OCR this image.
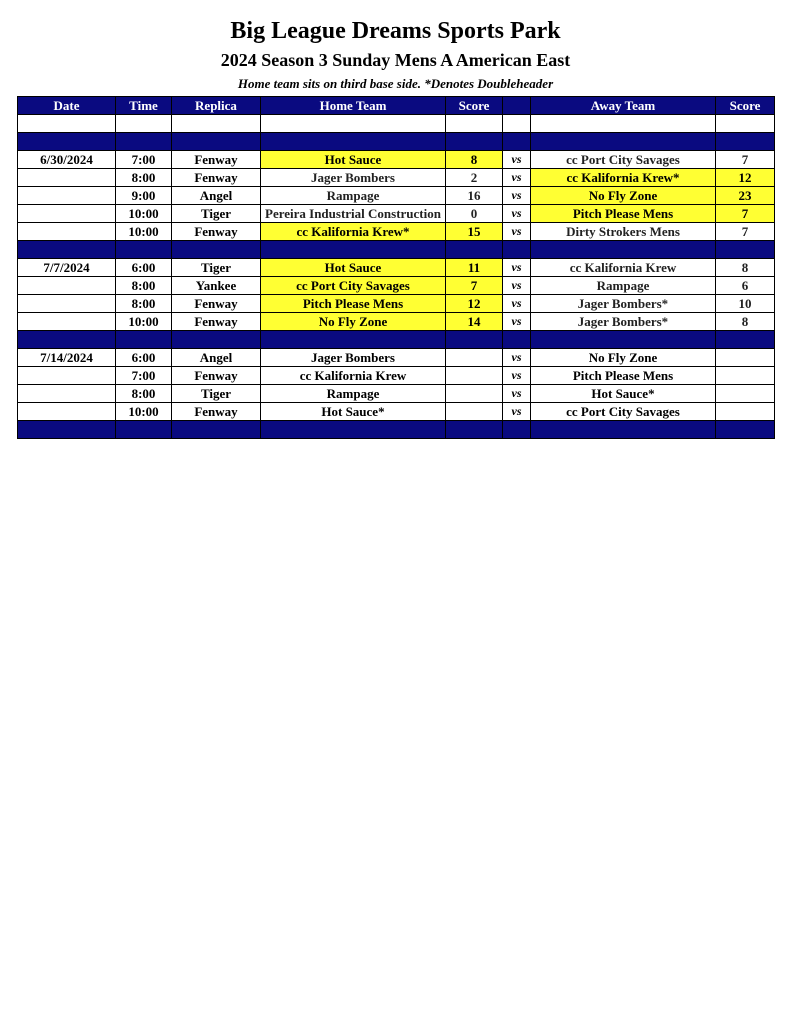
Big League Dreams Sports Park
2024 Season 3 Sunday Mens A American East
Home team sits on third base side. *Denotes Doubleheader
Date	Time	Replica	Home Team	Score		Away Team	Score

6/30/2024	7:00	Fenway	Hot Sauce	8	vs	cc Port City Savages	7
	8:00	Fenway	Jager Bombers	2	vs	cc Kalifornia Krew*	12
	9:00	Angel	Rampage	16	vs	No Fly Zone	23
	10:00	Tiger	Pereira Industrial Construction	0	vs	Pitch Please Mens	7
	10:00	Fenway	cc Kalifornia Krew*	15	vs	Dirty Strokers Mens	7

7/7/2024	6:00	Tiger	Hot Sauce	11	vs	cc Kalifornia Krew	8
	8:00	Yankee	cc Port City Savages	7	vs	Rampage	6
	8:00	Fenway	Pitch Please Mens	12	vs	Jager Bombers*	10
	10:00	Fenway	No Fly Zone	14	vs	Jager Bombers*	8

7/14/2024	6:00	Angel	Jager Bombers		vs	No Fly Zone	
	7:00	Fenway	cc Kalifornia Krew		vs	Pitch Please Mens	
	8:00	Tiger	Rampage		vs	Hot Sauce*	
	10:00	Fenway	Hot Sauce*		vs	cc Port City Savages	
